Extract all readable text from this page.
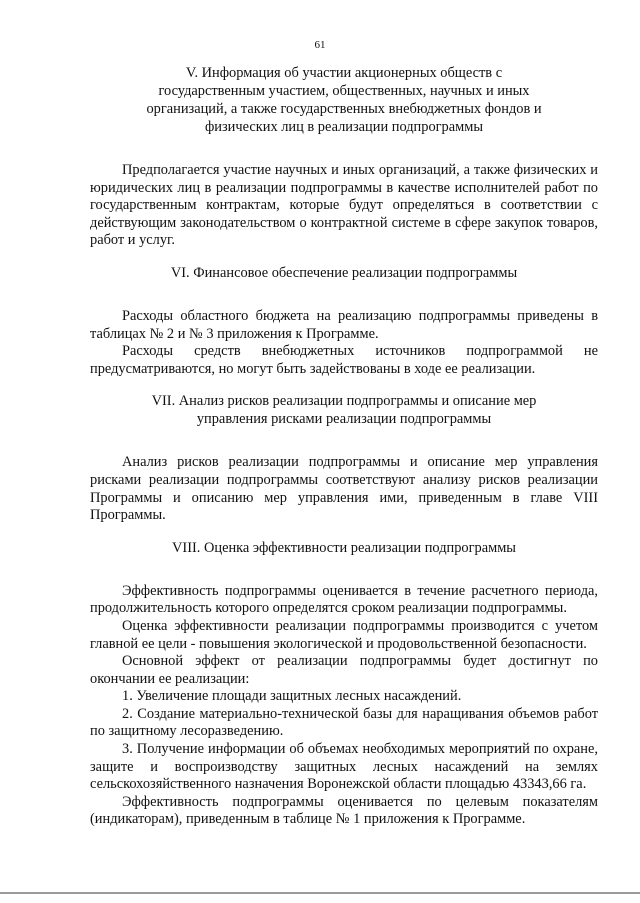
61
V. Информация об участии акционерных обществ с
государственным участием, общественных, научных и иных
организаций, а также государственных внебюджетных фондов и
физических лиц в реализации подпрограммы

Предполагается участие научных и иных организаций, а также физических и юридических лиц в реализации подпрограммы в качестве исполнителей работ по государственным контрактам, которые будут определяться в соответствии с действующим законодательством о контрактной системе в сфере закупок товаров, работ и услуг.

VI. Финансовое обеспечение реализации подпрограммы

Расходы областного бюджета на реализацию подпрограммы приведены в таблицах № 2 и № 3 приложения к Программе.

Расходы средств внебюджетных источников подпрограммой не предусматриваются, но могут быть задействованы в ходе ее реализации.

VII. Анализ рисков реализации подпрограммы и описание мер
управления рисками реализации подпрограммы

Анализ рисков реализации подпрограммы и описание мер управления рисками реализации подпрограммы соответствуют анализу рисков реализации Программы и описанию мер управления ими, приведенным в главе VIII Программы.

VIII. Оценка эффективности реализации подпрограммы

Эффективность подпрограммы оценивается в течение расчетного периода, продолжительность которого определятся сроком реализации подпрограммы.

Оценка эффективности реализации подпрограммы производится с учетом главной ее цели - повышения экологической и продовольственной безопасности.

Основной эффект от реализации подпрограммы будет достигнут по окончании ее реализации:

1. Увеличение площади защитных лесных насаждений.

2. Создание материально-технической базы для наращивания объемов работ по защитному лесоразведению.

3. Получение информации об объемах необходимых мероприятий по охране, защите и воспроизводству защитных лесных насаждений на землях сельскохозяйственного назначения Воронежской области площадью 43343,66 га.

Эффективность подпрограммы оценивается по целевым показателям (индикаторам), приведенным в таблице № 1 приложения к Программе.
